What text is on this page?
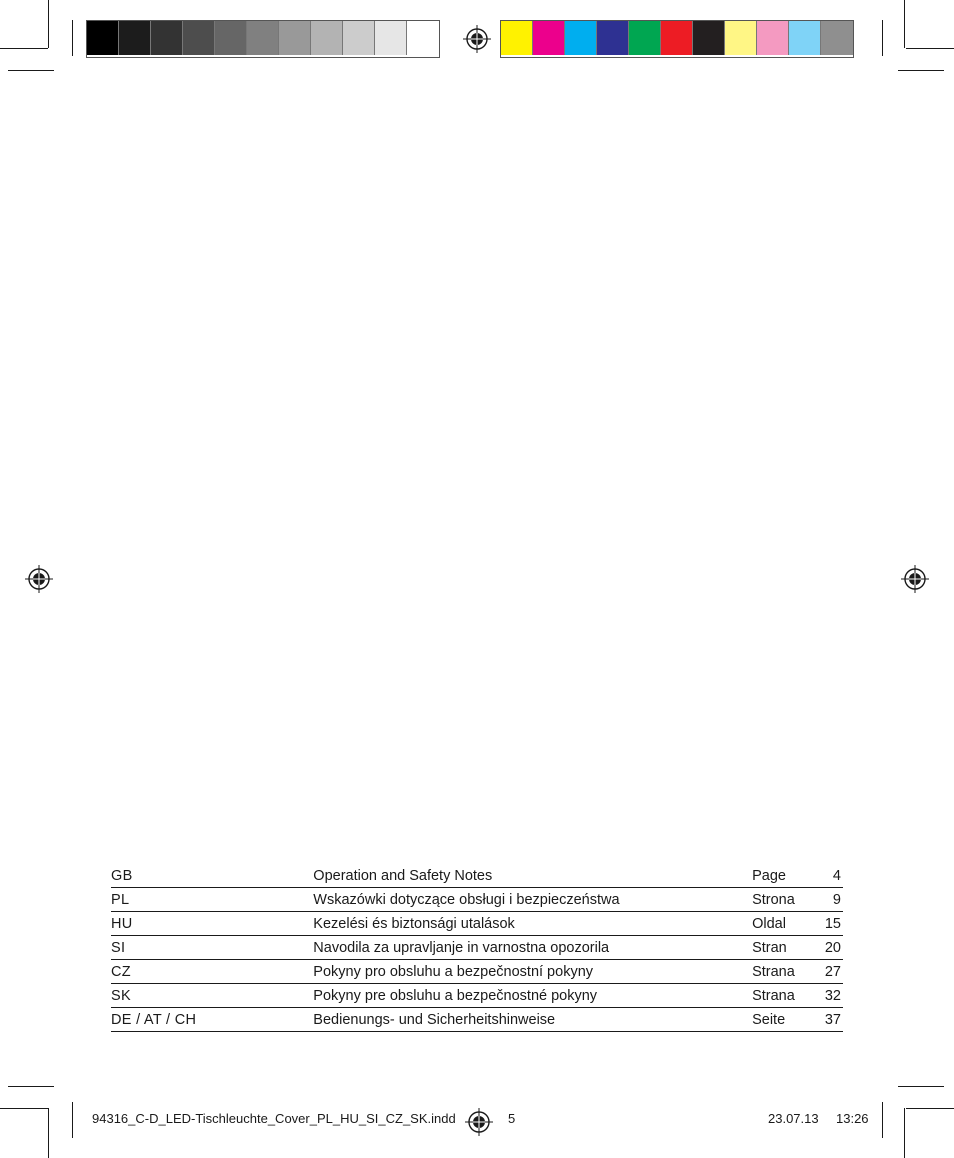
GB	Operation and Safety Notes	Page	4
PL	Wskazówki dotyczące obsługi i bezpieczeństwa	Strona	9
HU	Kezelési és biztonsági utalások	Oldal	15
SI	Navodila za upravljanje in varnostna opozorila	Stran	20
CZ	Pokyny pro obsluhu a bezpečnostní pokyny	Strana	27
SK	Pokyny pre obsluhu a bezpečnostné pokyny	Strana	32
DE / AT / CH	Bedienungs- und Sicherheitshinweise	Seite	37
94316_C-D_LED-Tischleuchte_Cover_PL_HU_SI_CZ_SK.indd	5	23.07.13 13:26
